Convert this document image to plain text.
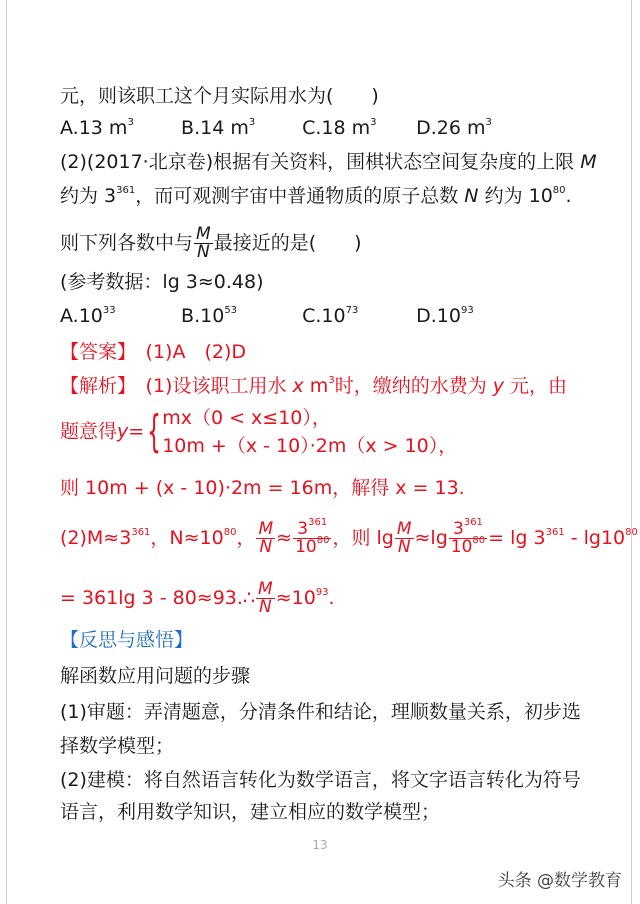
元，则该职工这个月实际用水为(　　)
A.13 $m^3$ B.14 $m^3$ C.18 $m^3$ D.26 $m^3$
(2)(2017·北京卷)根据有关资料，围棋状态空间复杂度的上限 M
约为 $3^{361}$，而可观测宇宙中普通物质的原子总数 N 约为 $10^{80}$.
则下列各数中与 $\frac{M}{N}$ 最接近的是(　　)
(参考数据：lg 3≈0.48)
$A.10^{33}$	$B.10^{53}$	$C.10^{73}$	$D.10^{93}$
【答案】　 (1)A　(2)D
【解析】　 (1)设该职工用水 x $m^3$时，缴纳的水费为 y 元，由
题意得y={ mx（0 < x≤10），
10m +（x - 10）·2m（x > 10），
则 10m + (x - 10)·2m = 16m，解得 x = 13.
$(2)M\approx 3^{361}$，$N\approx 10^{80}$， $\frac{M}{N} \approx \frac{3^{361}}{10^{80}}$ ，则 $\lg \frac{M}{N} \approx\lg \frac{3^{361}}{10^{80}} = \lg 3^{361} - \lg 10^{80}$
= 361lg 3 - 80≈93.∴ $\frac{M}{N} \approx 10^{93}$.
【反思与感悟】
解函数应用问题的步骤
(1)审题：弄清题意，分清条件和结论，理顺数量关系，初步选
择数学模型；
(2)建模：将自然语言转化为数学语言，将文字语言转化为符号
语言，利用数学知识，建立相应的数学模型；
13
头条 @数学教育
